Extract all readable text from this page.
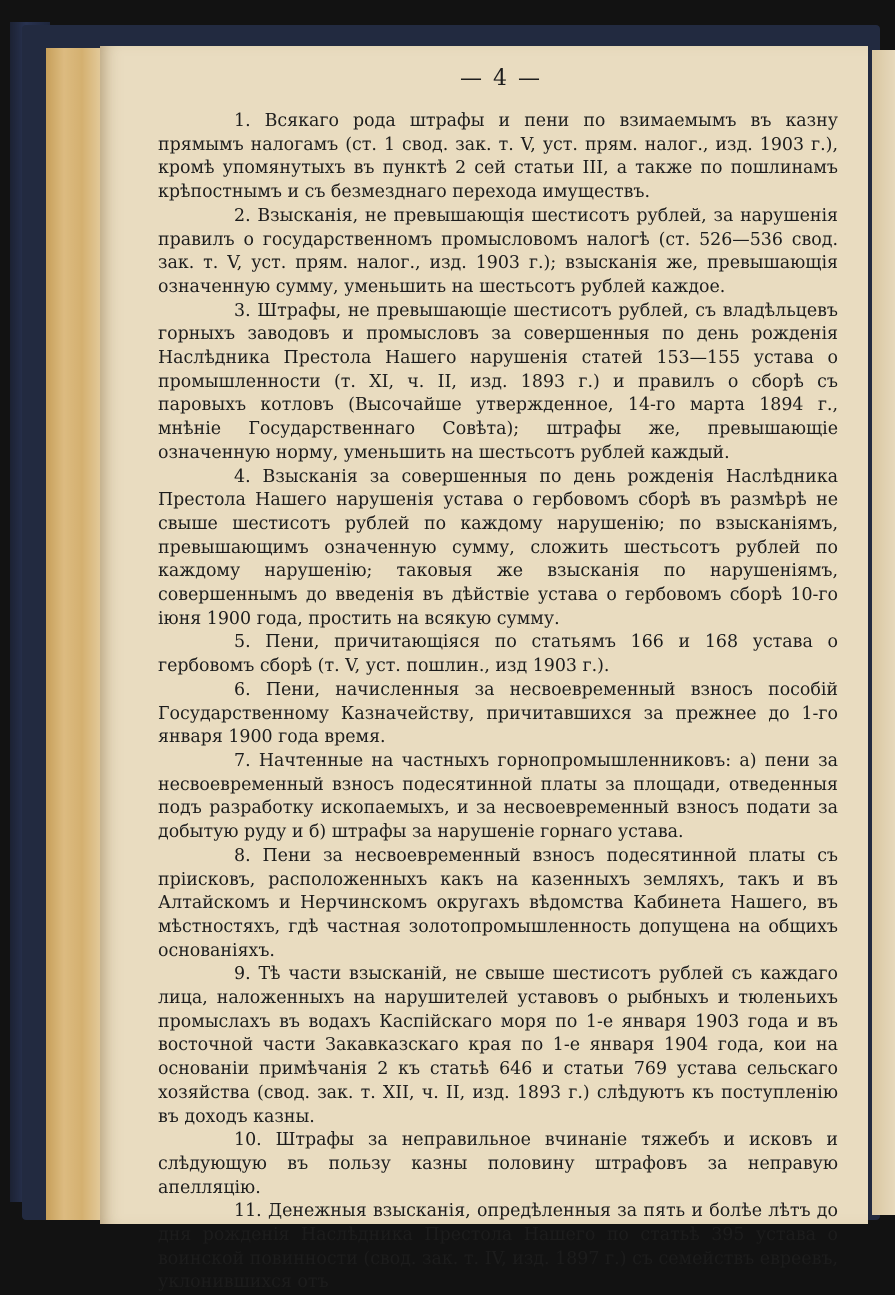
— 4 —

1. Всякаго рода штрафы и пени по взимаемымъ въ казну прямымъ налогамъ (ст. 1 свод. зак. т. V, уст. прям. налог., изд. 1903 г.), кромѣ упомянутыхъ въ пунктѣ 2 сей статьи III, а также по пошлинамъ крѣпостнымъ и съ безмезднаго перехода имуществъ.

2. Взысканія, не превышающія шестисотъ рублей, за нарушенія правилъ о государственномъ промысловомъ налогѣ (ст. 526—536 свод. зак. т. V, уст. прям. налог., изд. 1903 г.); взысканія же, превышающія означенную сумму, уменьшить на шестьсотъ рублей каждое.

3. Штрафы, не превышающіе шестисотъ рублей, съ владѣльцевъ горныхъ заводовъ и промысловъ за совершенныя по день рожденія Наслѣдника Престола Нашего нарушенія статей 153—155 устава о промышленности (т. XI, ч. II, изд. 1893 г.) и правилъ о сборѣ съ паровыхъ котловъ (Высочайше утвержденное, 14-го марта 1894 г., мнѣніе Государственнаго Совѣта); штрафы же, превышающіе означенную норму, уменьшить на шестьсотъ рублей каждый.

4. Взысканія за совершенныя по день рожденія Наслѣдника Престола Нашего нарушенія устава о гербовомъ сборѣ въ размѣрѣ не свыше шестисотъ рублей по каждому нарушенію; по взысканіямъ, превышающимъ означенную сумму, сложить шестьсотъ рублей по каждому нарушенію; таковыя же взысканія по нарушеніямъ, совершеннымъ до введенія въ дѣйствіе устава о гербовомъ сборѣ 10-го іюня 1900 года, простить на всякую сумму.

5. Пени, причитающіяся по статьямъ 166 и 168 устава о гербовомъ сборѣ (т. V, уст. пошлин., изд 1903 г.).

6. Пени, начисленныя за несвоевременный взносъ пособій Государственному Казначейству, причитавшихся за прежнее до 1-го января 1900 года время.

7. Начтенные на частныхъ горнопромышленниковъ: а) пени за несвоевременный взносъ подесятинной платы за площади, отведенныя подъ разработку ископаемыхъ, и за несвоевременный взносъ подати за добытую руду и б) штрафы за нарушеніе горнаго устава.

8. Пени за несвоевременный взносъ подесятинной платы съ пріисковъ, расположенныхъ какъ на казенныхъ земляхъ, такъ и въ Алтайскомъ и Нерчинскомъ округахъ вѣдомства Кабинета Нашего, въ мѣстностяхъ, гдѣ частная золотопромышленность допущена на общихъ основаніяхъ.

9. Тѣ части взысканій, не свыше шестисотъ рублей съ каждаго лица, наложенныхъ на нарушителей уставовъ о рыбныхъ и тюленьихъ промыслахъ въ водахъ Каспійскаго моря по 1-е января 1903 года и въ восточной части Закавказскаго края по 1-е января 1904 года, кои на основаніи примѣчанія 2 къ статьѣ 646 и статьи 769 устава сельскаго хозяйства (свод. зак. т. XII, ч. II, изд. 1893 г.) слѣдуютъ къ поступленію въ доходъ казны.

10. Штрафы за неправильное вчинаніе тяжебъ и исковъ и слѣдующую въ пользу казны половину штрафовъ за неправую апелляцію.

11. Денежныя взысканія, опредѣленныя за пять и болѣе лѣтъ до дня рожденія Наслѣдника Престола Нашего по статьѣ 395 устава о воинской повинности (свод. зак. т. IV, изд. 1897 г.) съ семействъ евреевъ, уклонившихся отъ
